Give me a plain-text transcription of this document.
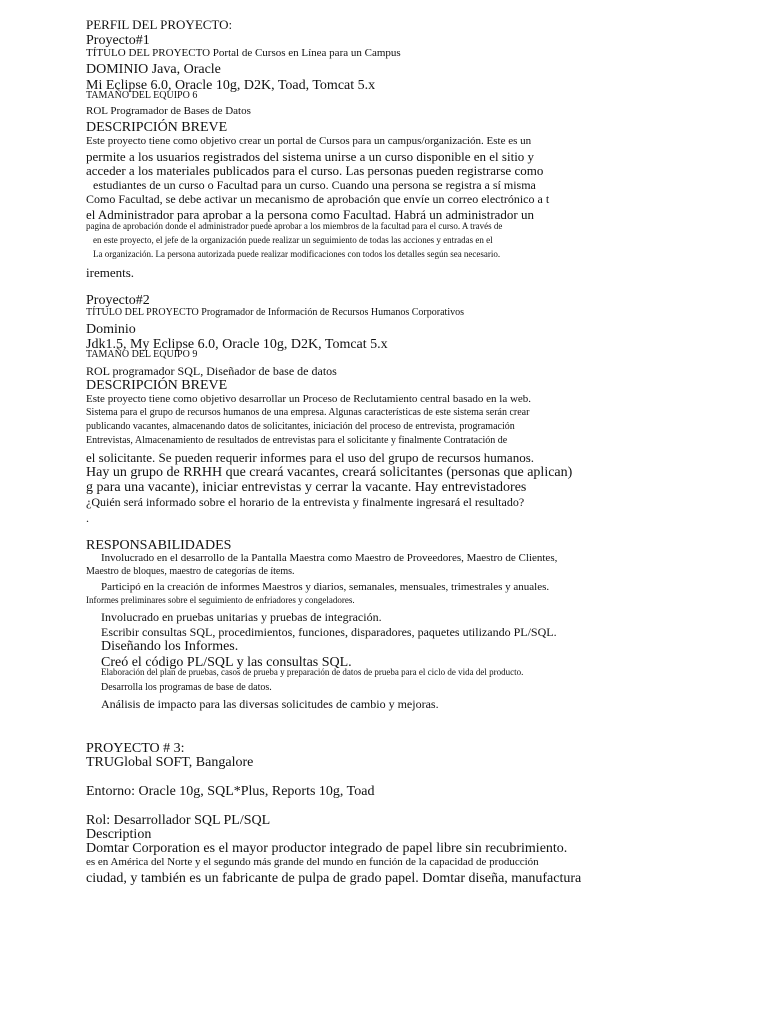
PERFIL DEL PROYECTO:
Proyecto#1
TÍTULO DEL PROYECTO Portal de Cursos en Línea para un Campus
DOMINIO Java, Oracle
Mi Eclipse 6.0, Oracle 10g, D2K, Toad, Tomcat 5.x
TAMAÑO DEL EQUIPO 6
ROL Programador de Bases de Datos
DESCRIPCIÓN BREVE
Este proyecto tiene como objetivo crear un portal de Cursos para un campus/organización. Este es un
permite a los usuarios registrados del sistema unirse a un curso disponible en el sitio y
acceder a los materiales publicados para el curso. Las personas pueden registrarse como
estudiantes de un curso o Facultad para un curso. Cuando una persona se registra a sí misma
Como Facultad, se debe activar un mecanismo de aprobación que envíe un correo electrónico a t
el Administrador para aprobar a la persona como Facultad. Habrá un administrador un
pagina de aprobación donde el administrador puede aprobar a los miembros de la facultad para el curso. A través de
en este proyecto, el jefe de la organización puede realizar un seguimiento de todas las acciones y entradas en el
La organización. La persona autorizada puede realizar modificaciones con todos los detalles según sea necesario.
irements.
Proyecto#2
TÍTULO DEL PROYECTO Programador de Información de Recursos Humanos Corporativos
Dominio
Jdk1.5, My Eclipse 6.0, Oracle 10g, D2K, Tomcat 5.x
TAMAÑO DEL EQUIPO 9
ROL programador SQL, Diseñador de base de datos
DESCRIPCIÓN BREVE
Este proyecto tiene como objetivo desarrollar un Proceso de Reclutamiento central basado en la web.
Sistema para el grupo de recursos humanos de una empresa. Algunas características de este sistema serán crear
publicando vacantes, almacenando datos de solicitantes, iniciación del proceso de entrevista, programación
Entrevistas, Almacenamiento de resultados de entrevistas para el solicitante y finalmente Contratación de
el solicitante. Se pueden requerir informes para el uso del grupo de recursos humanos.
Hay un grupo de RRHH que creará vacantes, creará solicitantes (personas que aplican)
g para una vacante), iniciar entrevistas y cerrar la vacante. Hay entrevistadores
¿Quién será informado sobre el horario de la entrevista y finalmente ingresará el resultado?
.
RESPONSABILIDADES
Involucrado en el desarrollo de la Pantalla Maestra como Maestro de Proveedores, Maestro de Clientes,
Maestro de bloques, maestro de categorías de ítems.
Participó en la creación de informes Maestros y diarios, semanales, mensuales, trimestrales y anuales.
Informes preliminares sobre el seguimiento de enfriadores y congeladores.
Involucrado en pruebas unitarias y pruebas de integración.
Escribir consultas SQL, procedimientos, funciones, disparadores, paquetes utilizando PL/SQL.
Diseñando los Informes.
Creó el código PL/SQL y las consultas SQL.
Elaboración del plan de pruebas, casos de prueba y preparación de datos de prueba para el ciclo de vida del producto.
Desarrolla los programas de base de datos.
Análisis de impacto para las diversas solicitudes de cambio y mejoras.
PROYECTO # 3:
TRUGlobal SOFT, Bangalore
Entorno: Oracle 10g, SQL*Plus, Reports 10g, Toad
Rol: Desarrollador SQL PL/SQL
Description
Domtar Corporation es el mayor productor integrado de papel libre sin recubrimiento.
es en América del Norte y el segundo más grande del mundo en función de la capacidad de producción
ciudad, y también es un fabricante de pulpa de grado papel. Domtar diseña, manufactura
